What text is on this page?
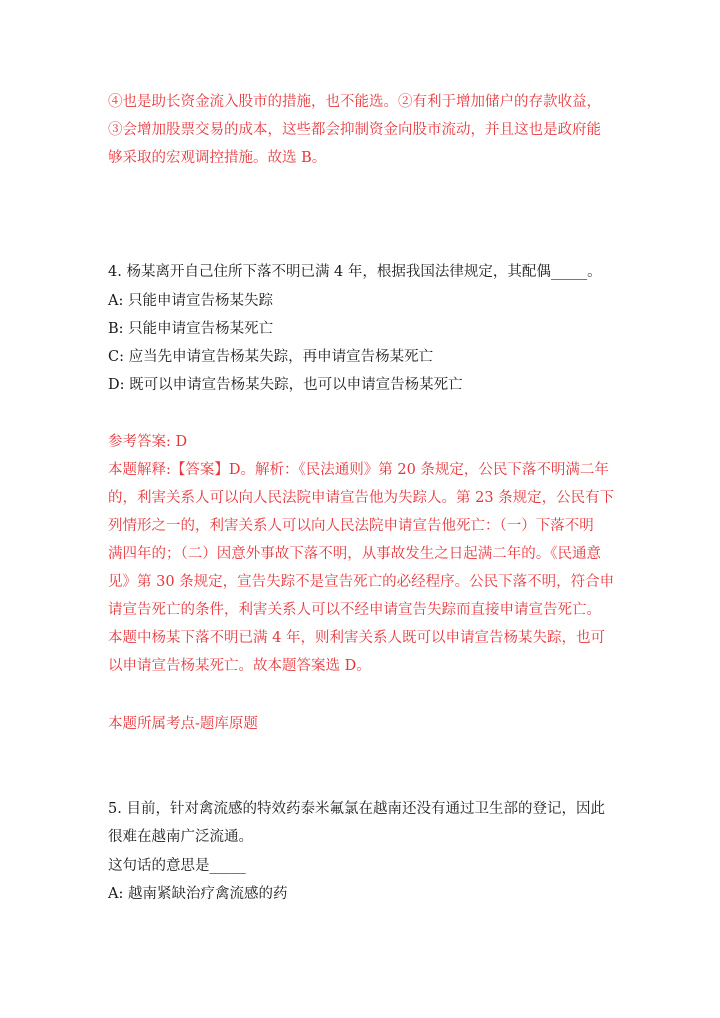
④也是助长资金流入股市的措施，也不能选。②有利于增加储户的存款收益，
③会增加股票交易的成本，这些都会抑制资金向股市流动，并且这也是政府能
够采取的宏观调控措施。故选 B。
4. 杨某离开自己住所下落不明已满 4 年，根据我国法律规定，其配偶_____。
A: 只能申请宣告杨某失踪
B: 只能申请宣告杨某死亡
C: 应当先申请宣告杨某失踪，再申请宣告杨某死亡
D: 既可以申请宣告杨某失踪，也可以申请宣告杨某死亡
参考答案: D
本题解释:【答案】D。解析：《民法通则》第 20 条规定，公民下落不明满二年
的，利害关系人可以向人民法院申请宣告他为失踪人。第 23 条规定，公民有下
列情形之一的，利害关系人可以向人民法院申请宣告他死亡：（一）下落不明
满四年的；（二）因意外事故下落不明，从事故发生之日起满二年的。《民通意
见》第 30 条规定，宣告失踪不是宣告死亡的必经程序。公民下落不明，符合申
请宣告死亡的条件，利害关系人可以不经申请宣告失踪而直接申请宣告死亡。
本题中杨某下落不明已满 4 年，则利害关系人既可以申请宣告杨某失踪，也可
以申请宣告杨某死亡。故本题答案选 D。
本题所属考点-题库原题
5. 目前，针对禽流感的特效药泰米氟氯在越南还没有通过卫生部的登记，因此
很难在越南广泛流通。
这句话的意思是_____
A: 越南紧缺治疗禽流感的药
